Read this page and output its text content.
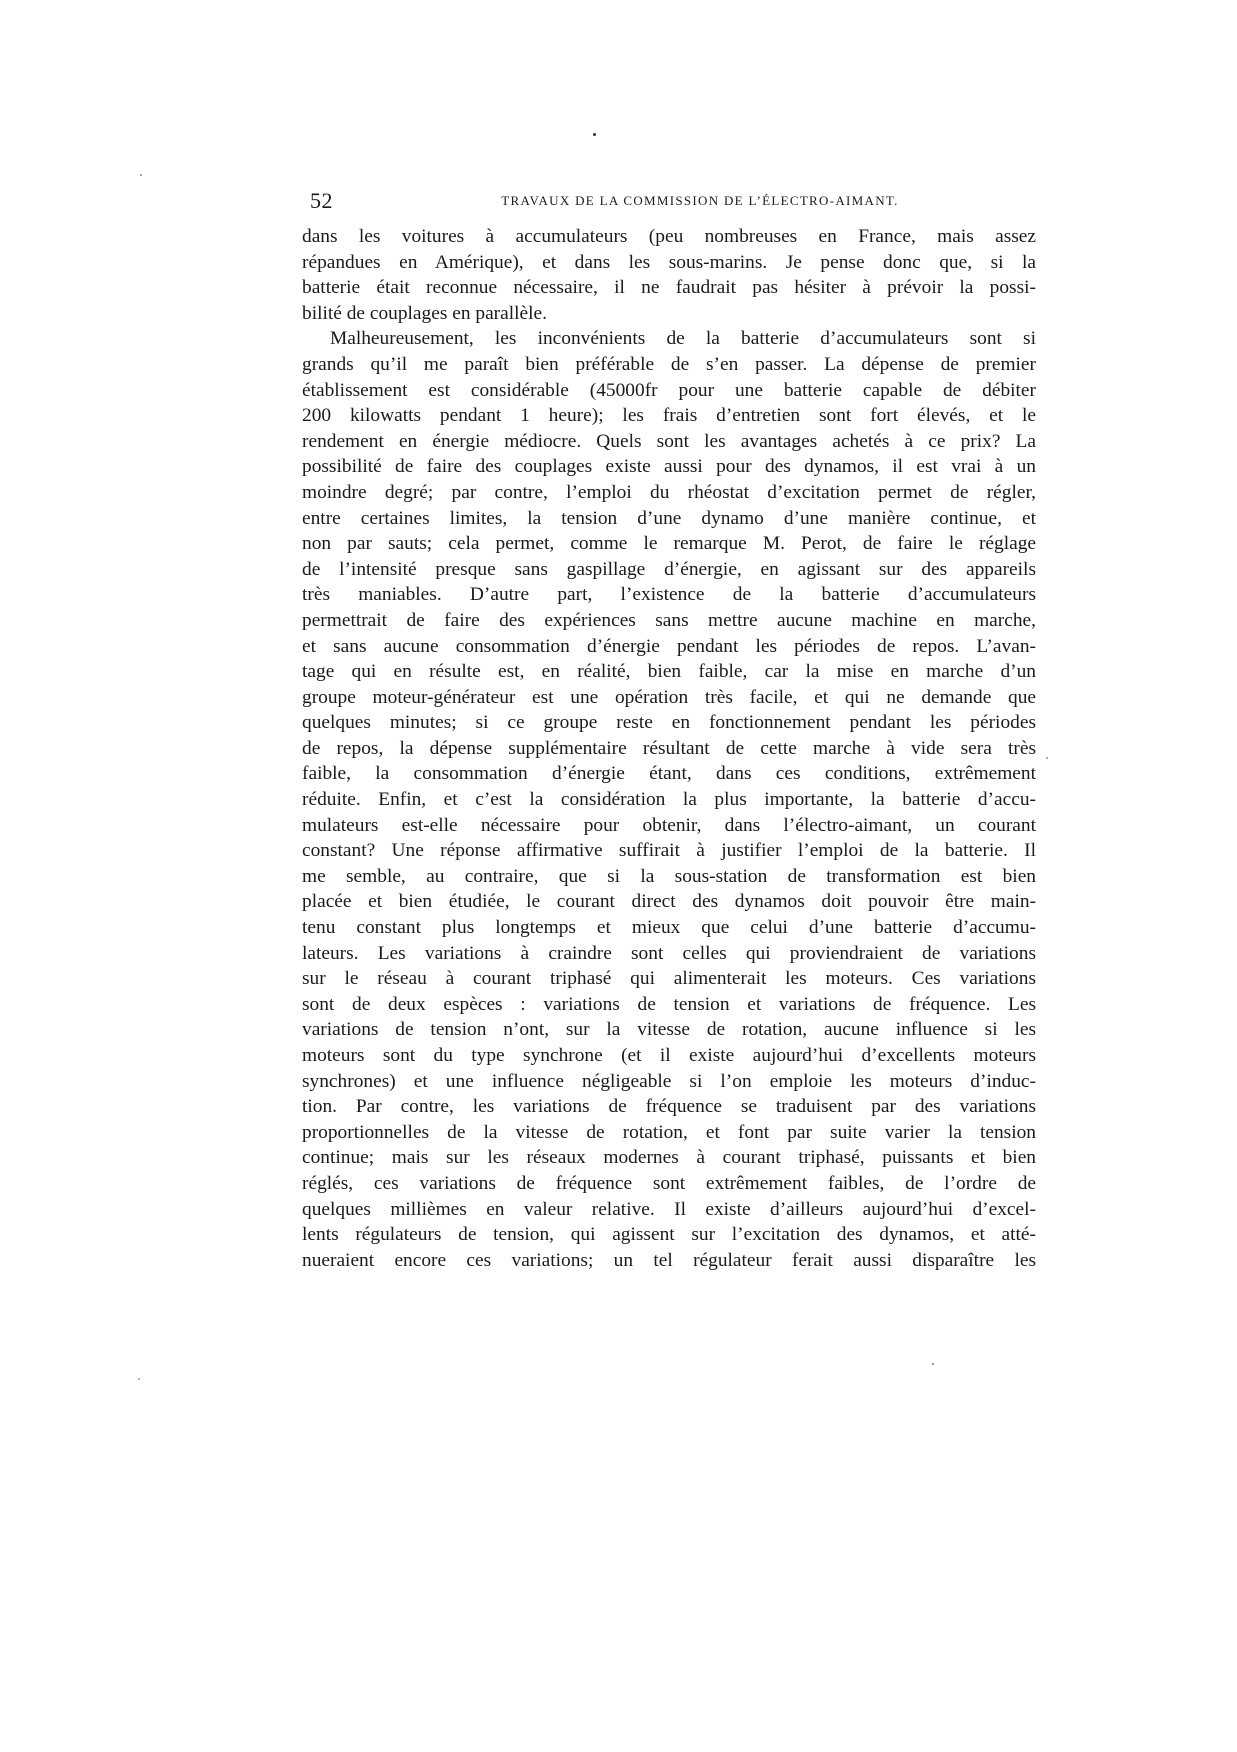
52	TRAVAUX DE LA COMMISSION DE L’ÉLECTRO-AIMANT.
dans les voitures à accumulateurs (peu nombreuses en France, mais assez
répandues en Amérique), et dans les sous-marins. Je pense donc que, si la
batterie était reconnue nécessaire, il ne faudrait pas hésiter à prévoir la possi-
bilité de couplages en parallèle.
Malheureusement, les inconvénients de la batterie d’accumulateurs sont si
grands qu’il me paraît bien préférable de s’en passer. La dépense de premier
établissement est considérable (45000fr pour une batterie capable de débiter
200 kilowatts pendant 1 heure); les frais d’entretien sont fort élevés, et le
rendement en énergie médiocre. Quels sont les avantages achetés à ce prix? La
possibilité de faire des couplages existe aussi pour des dynamos, il est vrai à un
moindre degré; par contre, l’emploi du rhéostat d’excitation permet de régler,
entre certaines limites, la tension d’une dynamo d’une manière continue, et
non par sauts; cela permet, comme le remarque M. Perot, de faire le réglage
de l’intensité presque sans gaspillage d’énergie, en agissant sur des appareils
très maniables. D’autre part, l’existence de la batterie d’accumulateurs
permettrait de faire des expériences sans mettre aucune machine en marche,
et sans aucune consommation d’énergie pendant les périodes de repos. L’avan-
tage qui en résulte est, en réalité, bien faible, car la mise en marche d’un
groupe moteur-générateur est une opération très facile, et qui ne demande que
quelques minutes; si ce groupe reste en fonctionnement pendant les périodes
de repos, la dépense supplémentaire résultant de cette marche à vide sera très
faible, la consommation d’énergie étant, dans ces conditions, extrêmement
réduite. Enfin, et c’est la considération la plus importante, la batterie d’accu-
mulateurs est-elle nécessaire pour obtenir, dans l’électro-aimant, un courant
constant? Une réponse affirmative suffirait à justifier l’emploi de la batterie. Il
me semble, au contraire, que si la sous-station de transformation est bien
placée et bien étudiée, le courant direct des dynamos doit pouvoir être main-
tenu constant plus longtemps et mieux que celui d’une batterie d’accumu-
lateurs. Les variations à craindre sont celles qui proviendraient de variations
sur le réseau à courant triphasé qui alimenterait les moteurs. Ces variations
sont de deux espèces : variations de tension et variations de fréquence. Les
variations de tension n’ont, sur la vitesse de rotation, aucune influence si les
moteurs sont du type synchrone (et il existe aujourd’hui d’excellents moteurs
synchrones) et une influence négligeable si l’on emploie les moteurs d’induc-
tion. Par contre, les variations de fréquence se traduisent par des variations
proportionnelles de la vitesse de rotation, et font par suite varier la tension
continue; mais sur les réseaux modernes à courant triphasé, puissants et bien
réglés, ces variations de fréquence sont extrêmement faibles, de l’ordre de
quelques millièmes en valeur relative. Il existe d’ailleurs aujourd’hui d’excel-
lents régulateurs de tension, qui agissent sur l’excitation des dynamos, et atté-
nueraient encore ces variations; un tel régulateur ferait aussi disparaître les
